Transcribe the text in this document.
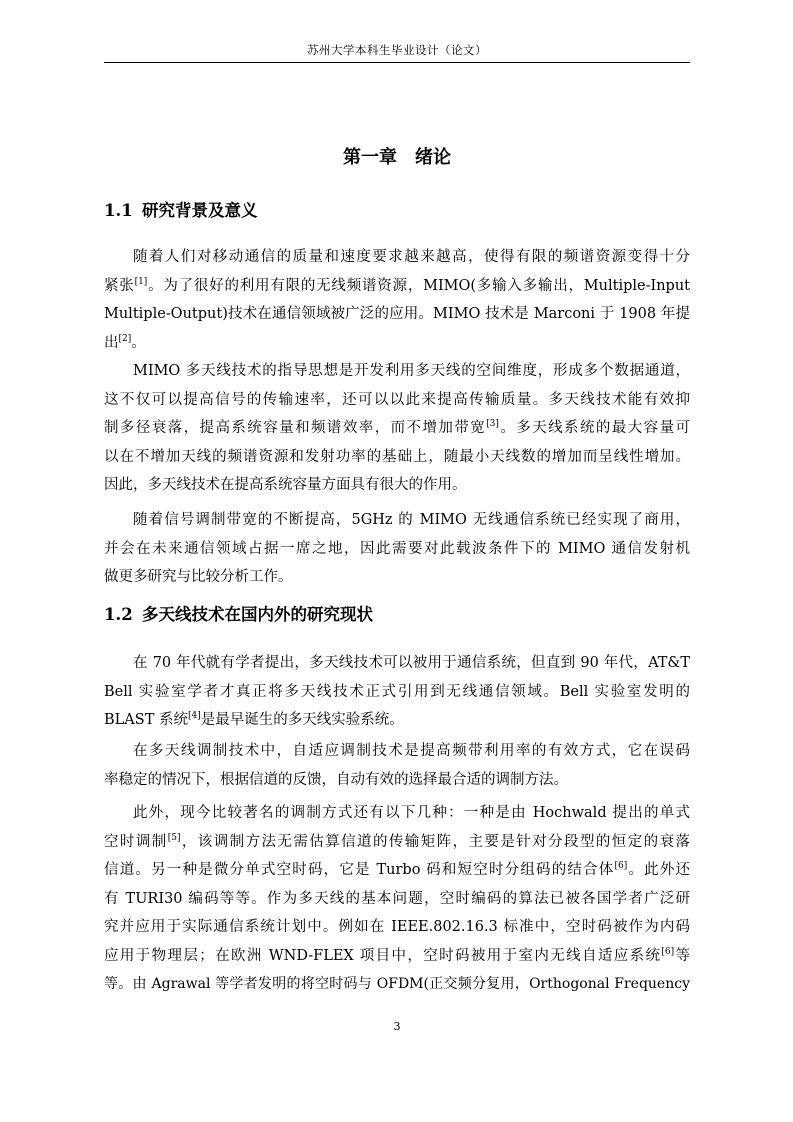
苏州大学本科生毕业设计（论文）
第一章　绪论
1.1 研究背景及意义
随着人们对移动通信的质量和速度要求越来越高，使得有限的频谱资源变得十分
紧张[1]。为了很好的利用有限的无线频谱资源，MIMO(多输入多输出，Multiple-Input
Multiple-Output)技术在通信领域被广泛的应用。MIMO 技术是 Marconi 于 1908 年提
出[2]。
MIMO 多天线技术的指导思想是开发利用多天线的空间维度，形成多个数据通道，
这不仅可以提高信号的传输速率，还可以以此来提高传输质量。多天线技术能有效抑
制多径衰落，提高系统容量和频谱效率，而不增加带宽[3]。多天线系统的最大容量可
以在不增加天线的频谱资源和发射功率的基础上，随最小天线数的增加而呈线性增加。
因此，多天线技术在提高系统容量方面具有很大的作用。
随着信号调制带宽的不断提高，5GHz 的 MIMO 无线通信系统已经实现了商用，
并会在未来通信领域占据一席之地，因此需要对此载波条件下的 MIMO 通信发射机
做更多研究与比较分析工作。
1.2 多天线技术在国内外的研究现状
在 70 年代就有学者提出，多天线技术可以被用于通信系统，但直到 90 年代，AT&T
Bell 实验室学者才真正将多天线技术正式引用到无线通信领域。Bell 实验室发明的
BLAST 系统[4]是最早诞生的多天线实验系统。
在多天线调制技术中，自适应调制技术是提高频带利用率的有效方式，它在误码
率稳定的情况下，根据信道的反馈，自动有效的选择最合适的调制方法。
此外，现今比较著名的调制方式还有以下几种：一种是由 Hochwald 提出的单式
空时调制[5]，该调制方法无需估算信道的传输矩阵，主要是针对分段型的恒定的衰落
信道。另一种是微分单式空时码，它是 Turbo 码和短空时分组码的结合体[6]。此外还
有 TURI30 编码等等。作为多天线的基本问题，空时编码的算法已被各国学者广泛研
究并应用于实际通信系统计划中。例如在 IEEE.802.16.3 标准中，空时码被作为内码
应用于物理层；在欧洲 WND-FLEX 项目中，空时码被用于室内无线自适应系统[6]等
等。由 Agrawal 等学者发明的将空时码与 OFDM(正交频分复用，Orthogonal Frequency
3
